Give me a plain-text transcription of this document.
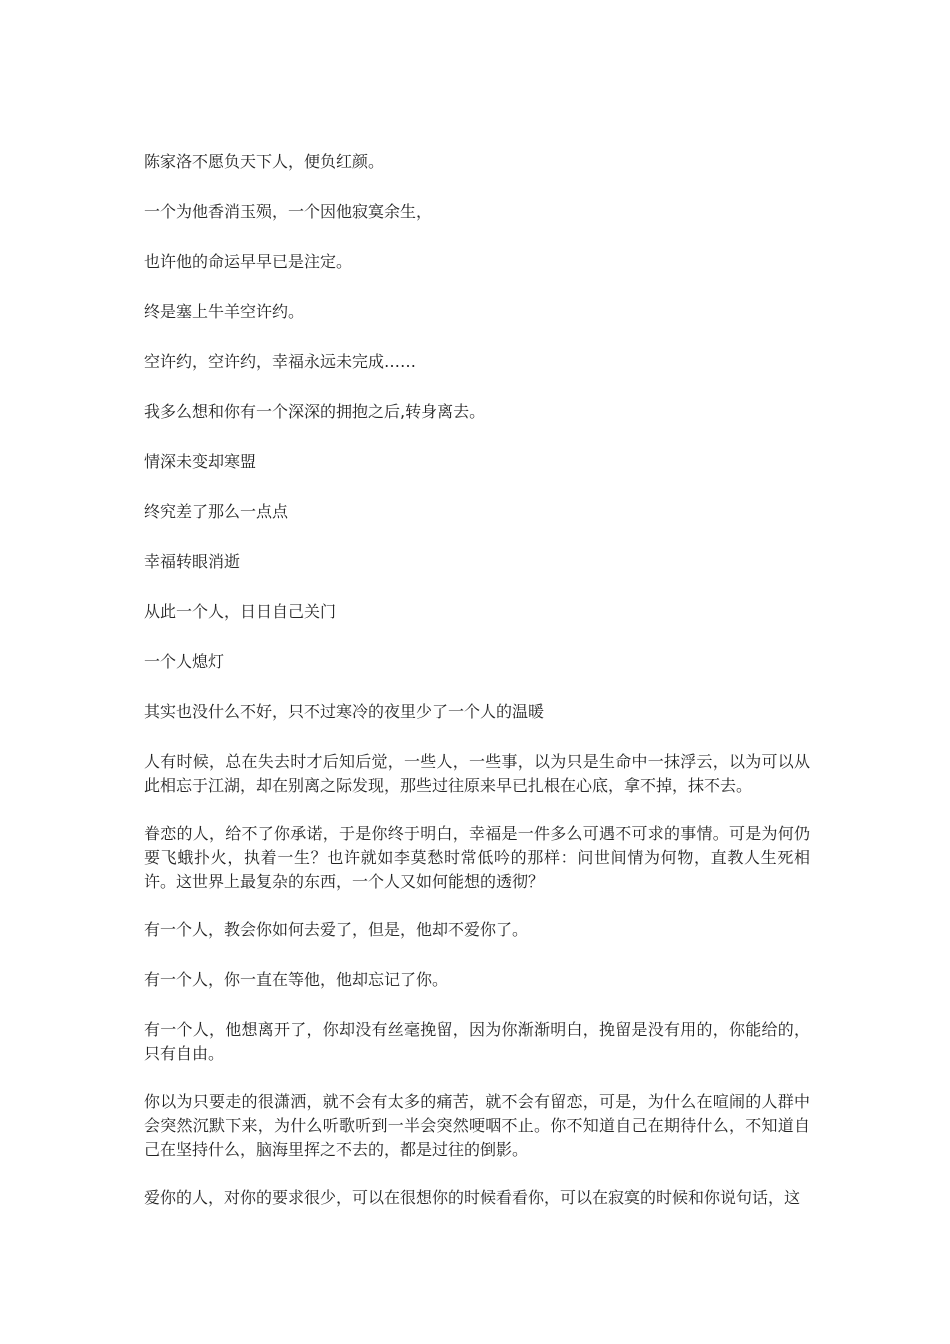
陈家洛不愿负天下人，便负红颜。

一个为他香消玉殒，一个因他寂寞余生，

也许他的命运早早已是注定。

终是塞上牛羊空许约。

空许约，空许约，幸福永远未完成……

我多么想和你有一个深深的拥抱之后,转身离去。

情深未变却寒盟

终究差了那么一点点

幸福转眼消逝

从此一个人，日日自己关门

一个人熄灯

其实也没什么不好，只不过寒冷的夜里少了一个人的温暖

人有时候，总在失去时才后知后觉，一些人，一些事，以为只是生命中一抹浮云，以为可以从此相忘于江湖，却在别离之际发现，那些过往原来早已扎根在心底，拿不掉，抹不去。

眷恋的人，给不了你承诺，于是你终于明白，幸福是一件多么可遇不可求的事情。可是为何仍要飞蛾扑火，执着一生？也许就如李莫愁时常低吟的那样：问世间情为何物，直教人生死相许。这世界上最复杂的东西，一个人又如何能想的透彻？

有一个人，教会你如何去爱了，但是，他却不爱你了。

有一个人，你一直在等他，他却忘记了你。

有一个人，他想离开了，你却没有丝毫挽留，因为你渐渐明白，挽留是没有用的，你能给的，只有自由。

你以为只要走的很潇洒，就不会有太多的痛苦，就不会有留恋，可是，为什么在喧闹的人群中会突然沉默下来，为什么听歌听到一半会突然哽咽不止。你不知道自己在期待什么，不知道自己在坚持什么，脑海里挥之不去的，都是过往的倒影。

爱你的人，对你的要求很少，可以在很想你的时候看看你，可以在寂寞的时候和你说句话，这
